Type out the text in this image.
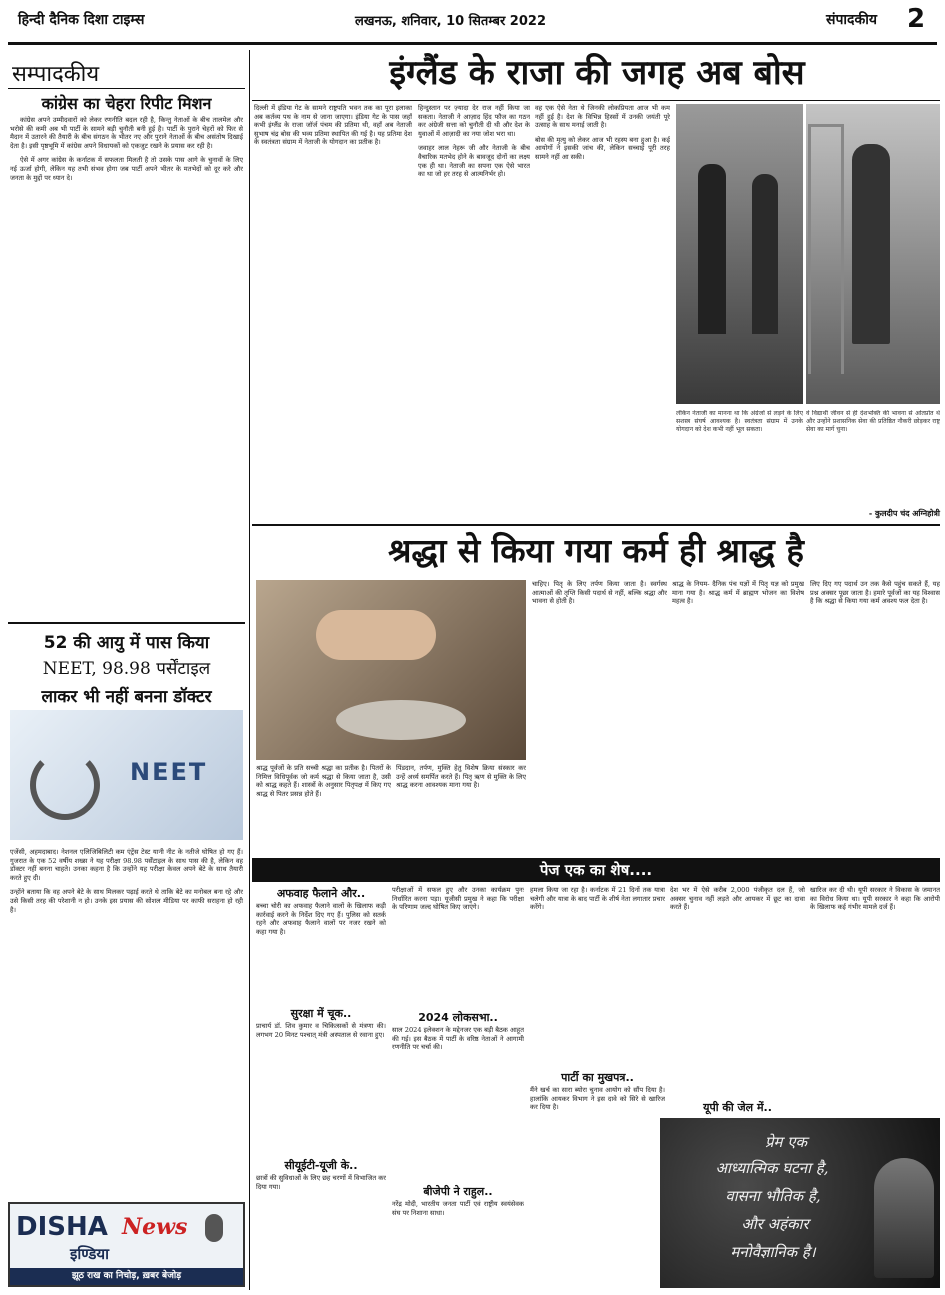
हिन्दी दैनिक दिशा टाइम्स	लखनऊ, शनिवार, 10 सितम्बर 2022	संपादकीय 2
सम्पादकीय
कांग्रेस का चेहरा रिपीट मिशन

कांग्रेस अपने उम्मीदवारों को लेकर रणनीति बदल रही है, किन्तु नेताओं के बीच तालमेल और भरोसे की कमी अब भी पार्टी के सामने बड़ी चुनौती बनी हुई है। पार्टी के पुराने चेहरों को फिर से मैदान में उतारने की तैयारी के बीच संगठन के भीतर नए और पुराने नेताओं के बीच असंतोष दिखाई देता है। इसी पृष्ठभूमि में कांग्रेस अपने विधायकों को एकजुट रखने के प्रयास कर रही है।

ऐसे में अगर कांग्रेस के कर्नाटक में सफलता मिलती है तो उसके पास आगे के चुनावों के लिए नई ऊर्जा होगी, लेकिन यह तभी संभव होगा जब पार्टी अपने भीतर के मतभेदों को दूर करे और जनता के मुद्दों पर ध्यान दे।

52 की आयु में पास किया
NEET, 98.98 पर्सेंटाइल
लाकर भी नहीं बनना डॉक्टर
NEET

एजेंसी, अहमदाबाद। नेशनल एलिजिबिलिटी कम एंट्रेंस टेस्ट यानी नीट के नतीजे घोषित हो गए हैं। गुजरात के एक 52 वर्षीय शख्स ने यह परीक्षा 98.98 पर्सेंटाइल के साथ पास की है, लेकिन वह डॉक्टर नहीं बनना चाहते। उनका कहना है कि उन्होंने यह परीक्षा केवल अपने बेटे के साथ तैयारी करते हुए दी।

उन्होंने बताया कि वह अपने बेटे के साथ मिलकर पढ़ाई करते थे ताकि बेटे का मनोबल बना रहे और उसे किसी तरह की परेशानी न हो। उनके इस प्रयास की सोशल मीडिया पर काफी सराहना हो रही है।

DISHA News
इण्डिया
झूठ राख का निचोड़, ख़बर बेजोड़
इंग्लैंड के राजा की जगह अब बोस

दिल्ली में इंडिया गेट के सामने राष्ट्रपति भवन तक का पूरा इलाका अब कर्तव्य पथ के नाम से जाना जाएगा। इंडिया गेट के पास जहाँ कभी इंग्लैंड के राजा जॉर्ज पंचम की प्रतिमा थी, वहाँ अब नेताजी सुभाष चंद्र बोस की भव्य प्रतिमा स्थापित की गई है। यह प्रतिमा देश के स्वतंत्रता संग्राम में नेताजी के योगदान का प्रतीक है।

हिन्दुस्तान पर ज़्यादा देर राज नहीं किया जा सकता। नेताजी ने आज़ाद हिंद फौज का गठन कर अंग्रेजी सत्ता को चुनौती दी थी और देश के युवाओं में आज़ादी का नया जोश भरा था।

जवाहर लाल नेहरू जी और नेताजी के बीच वैचारिक मतभेद होने के बावजूद दोनों का लक्ष्य एक ही था। नेताजी का सपना एक ऐसे भारत का था जो हर तरह से आत्मनिर्भर हो।

वह एक ऐसे नेता थे जिनकी लोकप्रियता आज भी कम नहीं हुई है। देश के विभिन्न हिस्सों में उनकी जयंती पूरे उत्साह के साथ मनाई जाती है।

बोस की मृत्यु को लेकर आज भी रहस्य बना हुआ है। कई आयोगों ने इसकी जांच की, लेकिन सच्चाई पूरी तरह सामने नहीं आ सकी।

लेकिन नेताजी का मानना था कि अंग्रेजों से लड़ने के लिए सशस्त्र संघर्ष आवश्यक है। स्वतंत्रता संग्राम में उनके योगदान को देश कभी नहीं भूल सकता।
वे विद्यार्थी जीवन से ही देशभक्ति की भावना से ओतप्रोत थे और उन्होंने प्रशासनिक सेवा की प्रतिष्ठित नौकरी छोड़कर राष्ट्र सेवा का मार्ग चुना।
- कुलदीप चंद अग्निहोत्री
श्रद्धा से किया गया कर्म ही श्राद्ध है

श्राद्ध पूर्वजों के प्रति सच्ची श्रद्धा का प्रतीक है। पितरों के निमित्त विधिपूर्वक जो कर्म श्रद्धा से किया जाता है, उसी को श्राद्ध कहते हैं। शास्त्रों के अनुसार पितृपक्ष में किए गए श्राद्ध से पितर प्रसन्न होते हैं।

पिंडदान, तर्पण, मुक्ति हेतु विशेष क्रिया संस्कार कर उन्हें अर्ध्य समर्पित करते हैं। पितृ ऋण से मुक्ति के लिए श्राद्ध करना आवश्यक माना गया है।

चाहिए। पितृ के लिए तर्पण किया जाता है। स्वर्गस्थ आत्माओं की तृप्ति किसी पदार्थ से नहीं, बल्कि श्रद्धा और भावना से होती है।

श्राद्ध के नियम- दैनिक पंच यज्ञों में पितृ यज्ञ को प्रमुख माना गया है। श्राद्ध कर्म में ब्राह्मण भोजन का विशेष महत्व है।

लिए दिए गए पदार्थ उन तक कैसे पहुंच सकते हैं, यह प्रश्न अक्सर पूछा जाता है। हमारे पूर्वजों का यह विश्वास है कि श्रद्धा से किया गया कर्म अवश्य फल देता है।

पेज एक का शेष....
अफवाह फैलाने और..
बच्चा चोरी का अफवाह फैलाने वालों के खिलाफ कड़ी कार्रवाई करने के निर्देश दिए गए हैं। पुलिस को सतर्क रहने और अफवाह फैलाने वालों पर नजर रखने को कहा गया है।
सुरक्षा में चूक..
प्राचार्य डॉ. शिव कुमार व चिकित्सकों से मंत्रणा की। लगभग 20 मिनट पश्चात् मंत्री अस्पताल से रवाना हुए।
सीयूईटी-यूजी के..
छात्रों की सुविधाओं के लिए छह चरणों में विभाजित कर दिया गया।
परीक्षाओं में सफल हुए और उनका कार्यक्रम पुनः निर्धारित करना पड़ा। यूजीसी प्रमुख ने कहा कि परीक्षा के परिणाम जल्द घोषित किए जाएंगे।
2024 लोकसभा..
साल 2024 इलेक्शन के मद्देनजर एक बड़ी बैठक आहूत की गई। इस बैठक में पार्टी के वरिष्ठ नेताओं ने आगामी रणनीति पर चर्चा की।
बीजेपी ने राहुल..
नरेंद्र मोदी, भारतीय जनता पार्टी एवं राष्ट्रीय स्वयंसेवक संघ पर निशाना साधा।
हमला किया जा रहा है। कर्नाटक में 21 दिनों तक यात्रा चलेगी और यात्रा के बाद पार्टी के शीर्ष नेता लगातार प्रचार करेंगे।
पार्टी का मुखपत्र..
मैंने खर्च का सारा ब्योरा चुनाव आयोग को सौंप दिया है। हालांकि आयकर विभाग ने इस दावे को सिरे से खारिज कर दिया है।
देश भर में ऐसे करीब 2,000 पंजीकृत दल हैं, जो अक्सर चुनाव नहीं लड़ते और आयकर में छूट का दावा करते हैं।
यूपी की जेल में..
खारिज कर दी थी। यूपी सरकार ने विकास के जमानत का विरोध किया था। यूपी सरकार ने कहा कि आरोपी के खिलाफ कई गंभीर मामले दर्ज हैं।
प्रेम एक
आध्यात्मिक घटना है,
वासना भौतिक है,
और अहंकार
मनोवैज्ञानिक है।
